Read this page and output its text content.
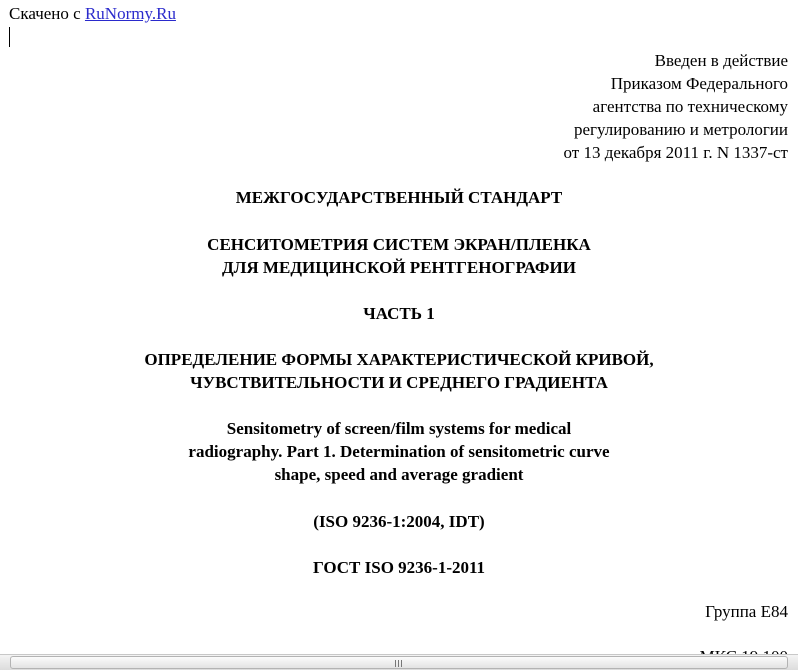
Скачено с RuNormy.Ru
Введен в действие
Приказом Федерального
агентства по техническому
регулированию и метрологии
от 13 декабря 2011 г. N 1337-ст
МЕЖГОСУДАРСТВЕННЫЙ СТАНДАРТ
СЕНСИТОМЕТРИЯ СИСТЕМ ЭКРАН/ПЛЕНКА
ДЛЯ МЕДИЦИНСКОЙ РЕНТГЕНОГРАФИИ
ЧАСТЬ 1
ОПРЕДЕЛЕНИЕ ФОРМЫ ХАРАКТЕРИСТИЧЕСКОЙ КРИВОЙ,
ЧУВСТВИТЕЛЬНОСТИ И СРЕДНЕГО ГРАДИЕНТА
Sensitometry of screen/film systems for medical
radiography. Part 1. Determination of sensitometric curve
shape, speed and average gradient
(ISO 9236-1:2004, IDT)
ГОСТ ISO 9236-1-2011
Группа Е84
